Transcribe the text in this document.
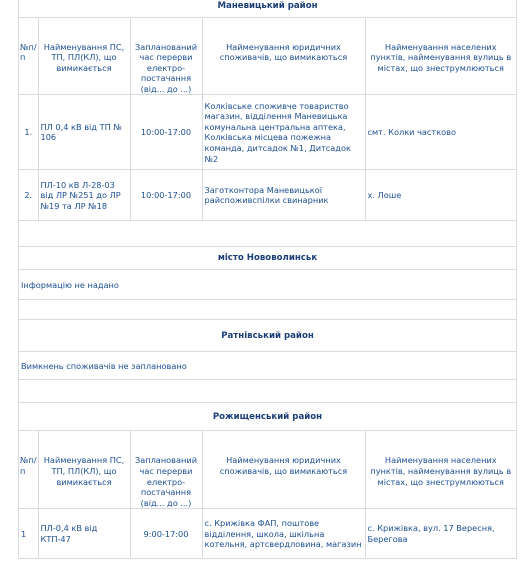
Маневицький район				
№п/п	Найменування ПС, ТП, ПЛ(КЛ), що вимикається	Запланований час перерви електро-постачання (від... до ...)	Найменування юридичних споживачів, що вимикаються	Найменування населених пунктів, найменування вулиць в містах, що знеструмлюються
1.	ПЛ 0,4 кВ від ТП № 106	10:00-17:00	Колківське споживче товариство магазин, відділення Маневицька комунальна центральна аптека, Колківська місцева пожежна команда, дитсадок №1, Дитсадок №2	смт. Колки частково
2.	ПЛ-10 кВ Л-28-03 від ЛР №251 до ЛР №19 та ЛР №18	10:00-17:00	Заготконтора Маневицької райспоживспілки свинарник	х. Лоше

місто Нововолинськ				
Інформацію не надано				

Ратнівський район				
Вимкнень споживачів не заплановано				

Рожищенський район				
№п/п	Найменування ПС, ТП, ПЛ(КЛ), що вимикається	Запланований час перерви електро-постачання (від... до ...)	Найменування юридичних споживачів, що вимикаються	Найменування населених пунктів, найменування вулиць в містах, що знеструмлюються
1	ПЛ-0,4 кВ від КТП-47	9:00-17:00	с. Крижівка ФАП, поштове відділення, школа, шкільна котельня, артсвердловина, магазин	с. Крижівка, вул. 17 Вересня, Берегова
